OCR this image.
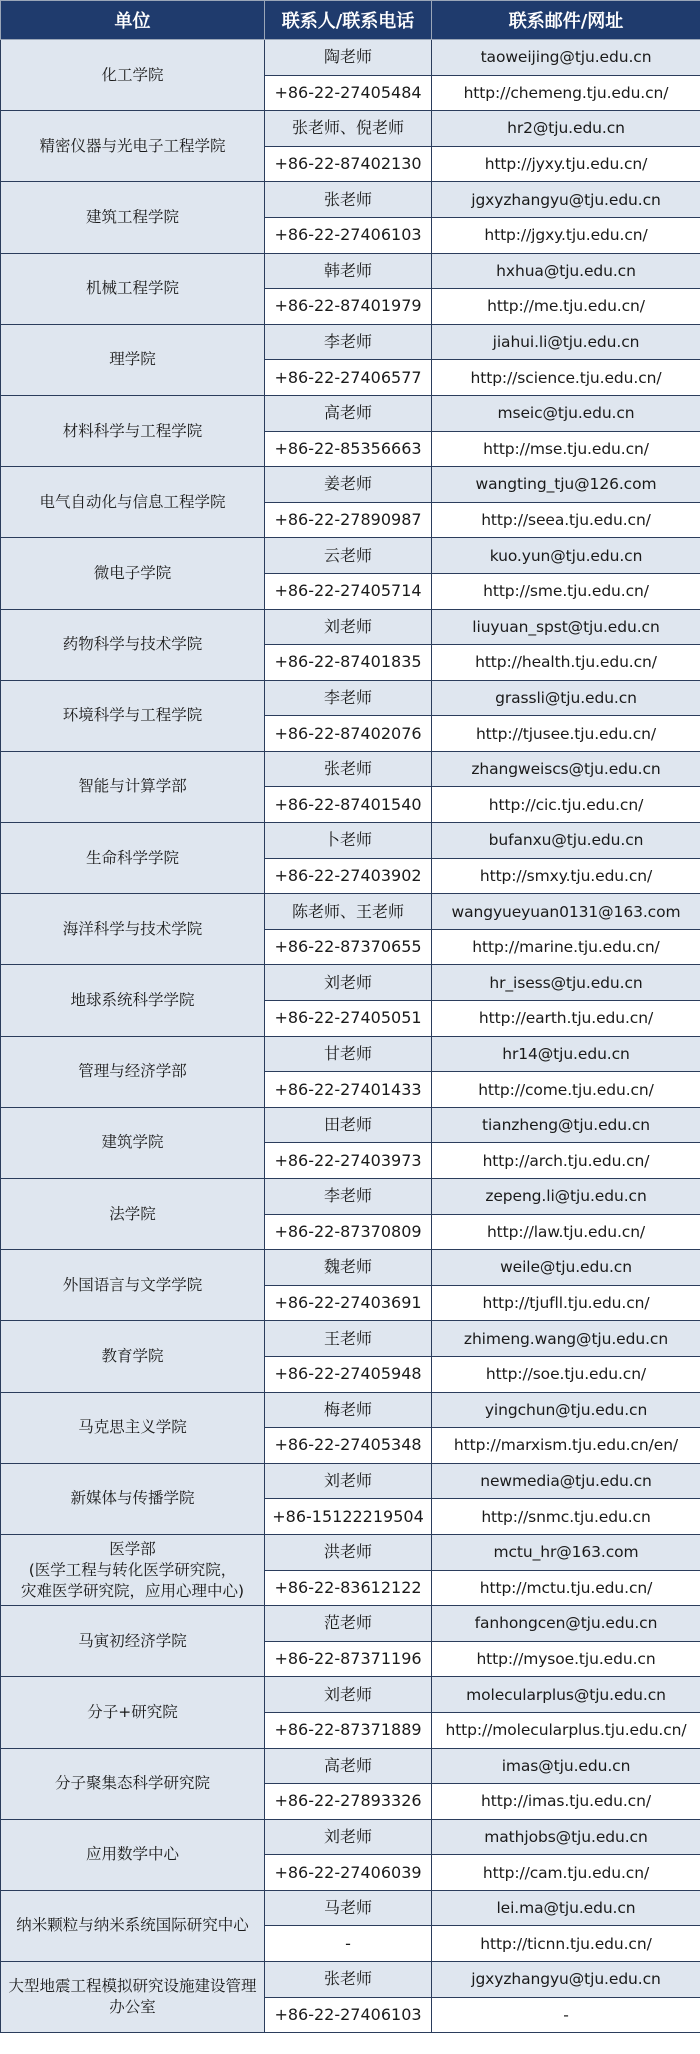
单位	联系人/联系电话	联系邮件/网址

化工学院	陶老师	taoweijing@tju.edu.cn
	+86-22-27405484	http://chemeng.tju.edu.cn/

精密仪器与光电子工程学院	张老师、倪老师	hr2@tju.edu.cn
	+86-22-87402130	http://jyxy.tju.edu.cn/

建筑工程学院	张老师	jgxyzhangyu@tju.edu.cn
	+86-22-27406103	http://jgxy.tju.edu.cn/

机械工程学院	韩老师	hxhua@tju.edu.cn
	+86-22-87401979	http://me.tju.edu.cn/

理学院	李老师	jiahui.li@tju.edu.cn
	+86-22-27406577	http://science.tju.edu.cn/

材料科学与工程学院	高老师	mseic@tju.edu.cn
	+86-22-85356663	http://mse.tju.edu.cn/

电气自动化与信息工程学院	姜老师	wangting_tju@126.com
	+86-22-27890987	http://seea.tju.edu.cn/

微电子学院	云老师	kuo.yun@tju.edu.cn
	+86-22-27405714	http://sme.tju.edu.cn/

药物科学与技术学院	刘老师	liuyuan_spst@tju.edu.cn
	+86-22-87401835	http://health.tju.edu.cn/

环境科学与工程学院	李老师	grassli@tju.edu.cn
	+86-22-87402076	http://tjusee.tju.edu.cn/

智能与计算学部	张老师	zhangweiscs@tju.edu.cn
	+86-22-87401540	http://cic.tju.edu.cn/

生命科学学院	卜老师	bufanxu@tju.edu.cn
	+86-22-27403902	http://smxy.tju.edu.cn/

海洋科学与技术学院	陈老师、王老师	wangyueyuan0131@163.com
	+86-22-87370655	http://marine.tju.edu.cn/

地球系统科学学院	刘老师	hr_isess@tju.edu.cn
	+86-22-27405051	http://earth.tju.edu.cn/

管理与经济学部	甘老师	hr14@tju.edu.cn
	+86-22-27401433	http://come.tju.edu.cn/

建筑学院	田老师	tianzheng@tju.edu.cn
	+86-22-27403973	http://arch.tju.edu.cn/

法学院	李老师	zepeng.li@tju.edu.cn
	+86-22-87370809	http://law.tju.edu.cn/

外国语言与文学学院	魏老师	weile@tju.edu.cn
	+86-22-27403691	http://tjufll.tju.edu.cn/

教育学院	王老师	zhimeng.wang@tju.edu.cn
	+86-22-27405948	http://soe.tju.edu.cn/

马克思主义学院	梅老师	yingchun@tju.edu.cn
	+86-22-27405348	http://marxism.tju.edu.cn/en/

新媒体与传播学院	刘老师	newmedia@tju.edu.cn
	+86-15122219504	http://snmc.tju.edu.cn

医学部
(医学工程与转化医学研究院，
灾难医学研究院，应用心理中心)	洪老师	mctu_hr@163.com
	+86-22-83612122	http://mctu.tju.edu.cn/

马寅初经济学院	范老师	fanhongcen@tju.edu.cn
	+86-22-87371196	http://mysoe.tju.edu.cn

分子+研究院	刘老师	molecularplus@tju.edu.cn
	+86-22-87371889	http://molecularplus.tju.edu.cn/

分子聚集态科学研究院	高老师	imas@tju.edu.cn
	+86-22-27893326	http://imas.tju.edu.cn/

应用数学中心	刘老师	mathjobs@tju.edu.cn
	+86-22-27406039	http://cam.tju.edu.cn/

纳米颗粒与纳米系统国际研究中心	马老师	lei.ma@tju.edu.cn
	-	http://ticnn.tju.edu.cn/

大型地震工程模拟研究设施建设管理
办公室	张老师	jgxyzhangyu@tju.edu.cn
	+86-22-27406103	-
